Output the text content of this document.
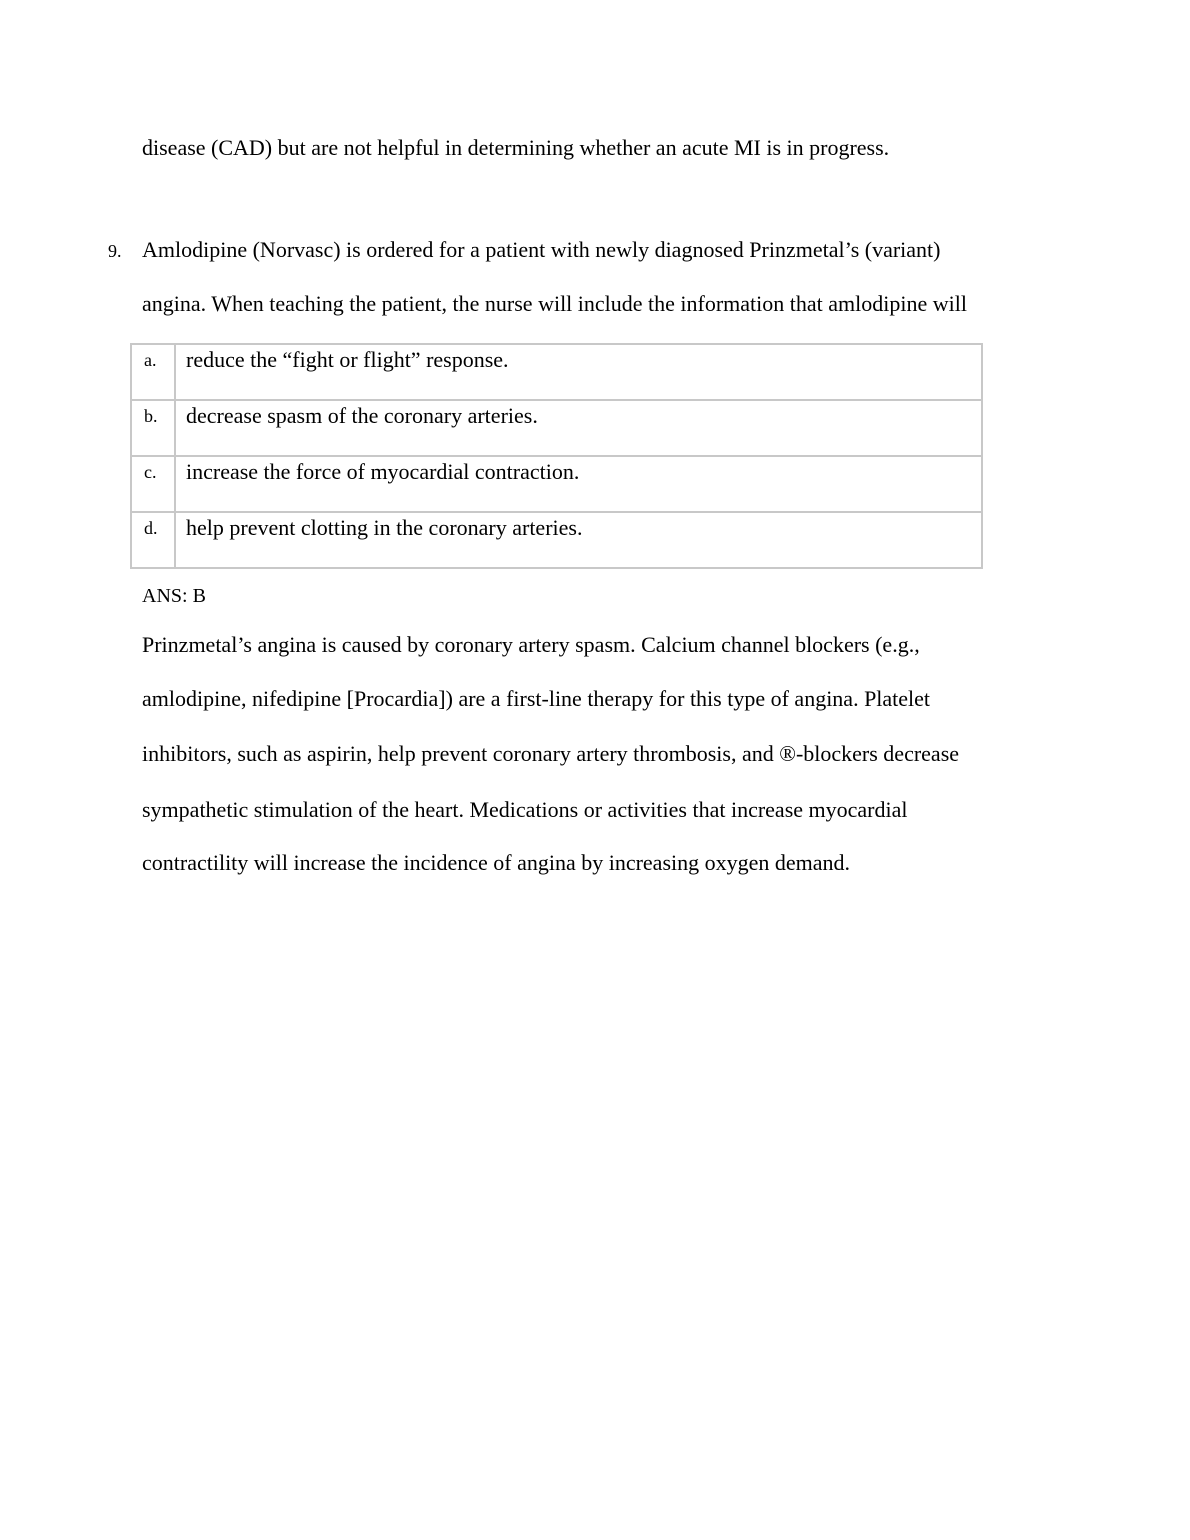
disease (CAD) but are not helpful in determining whether an acute MI is in progress.
9. Amlodipine (Norvasc) is ordered for a patient with newly diagnosed Prinzmetal’s (variant)
angina. When teaching the patient, the nurse will include the information that amlodipine will
a.	reduce the “fight or flight” response.
b.	decrease spasm of the coronary arteries.
c.	increase the force of myocardial contraction.
d.	help prevent clotting in the coronary arteries.
ANS: B
Prinzmetal’s angina is caused by coronary artery spasm. Calcium channel blockers (e.g.,
amlodipine, nifedipine [Procardia]) are a first-line therapy for this type of angina. Platelet
inhibitors, such as aspirin, help prevent coronary artery thrombosis, and ®-blockers decrease
sympathetic stimulation of the heart. Medications or activities that increase myocardial
contractility will increase the incidence of angina by increasing oxygen demand.
